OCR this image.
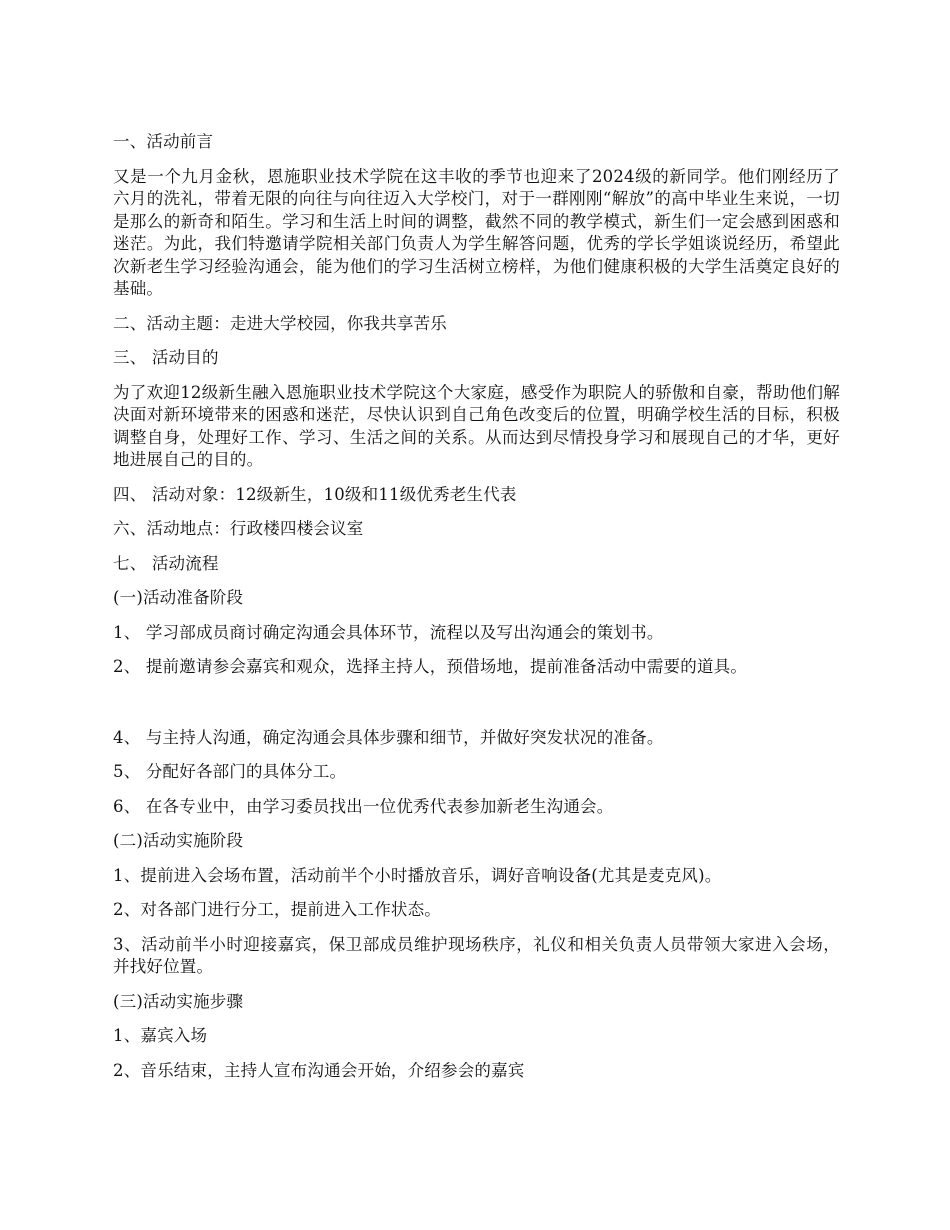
一、活动前言

又是一个九月金秋，恩施职业技术学院在这丰收的季节也迎来了2024级的新同学。他们刚经历了六月的洗礼，带着无限的向往与向往迈入大学校门，对于一群刚刚“解放”的高中毕业生来说，一切是那么的新奇和陌生。学习和生活上时间的调整，截然不同的教学模式，新生们一定会感到困惑和迷茫。为此，我们特邀请学院相关部门负责人为学生解答问题，优秀的学长学姐谈说经历，希望此次新老生学习经验沟通会，能为他们的学习生活树立榜样，为他们健康积极的大学生活奠定良好的基础。

二、活动主题：走进大学校园，你我共享苦乐

三、 活动目的

为了欢迎12级新生融入恩施职业技术学院这个大家庭，感受作为职院人的骄傲和自豪，帮助他们解决面对新环境带来的困惑和迷茫，尽快认识到自己角色改变后的位置，明确学校生活的目标，积极调整自身，处理好工作、学习、生活之间的关系。从而达到尽情投身学习和展现自己的才华，更好地进展自己的目的。

四、 活动对象：12级新生，10级和11级优秀老生代表

六、活动地点：行政楼四楼会议室

七、 活动流程

(一)活动准备阶段

1、 学习部成员商讨确定沟通会具体环节，流程以及写出沟通会的策划书。

2、 提前邀请参会嘉宾和观众，选择主持人，预借场地，提前准备活动中需要的道具。

4、 与主持人沟通，确定沟通会具体步骤和细节，并做好突发状况的准备。

5、 分配好各部门的具体分工。

6、 在各专业中，由学习委员找出一位优秀代表参加新老生沟通会。

(二)活动实施阶段

1、提前进入会场布置，活动前半个小时播放音乐，调好音响设备(尤其是麦克风)。

2、对各部门进行分工，提前进入工作状态。

3、活动前半小时迎接嘉宾，保卫部成员维护现场秩序，礼仪和相关负责人员带领大家进入会场，并找好位置。

(三)活动实施步骤

1、嘉宾入场

2、音乐结束，主持人宣布沟通会开始，介绍参会的嘉宾
